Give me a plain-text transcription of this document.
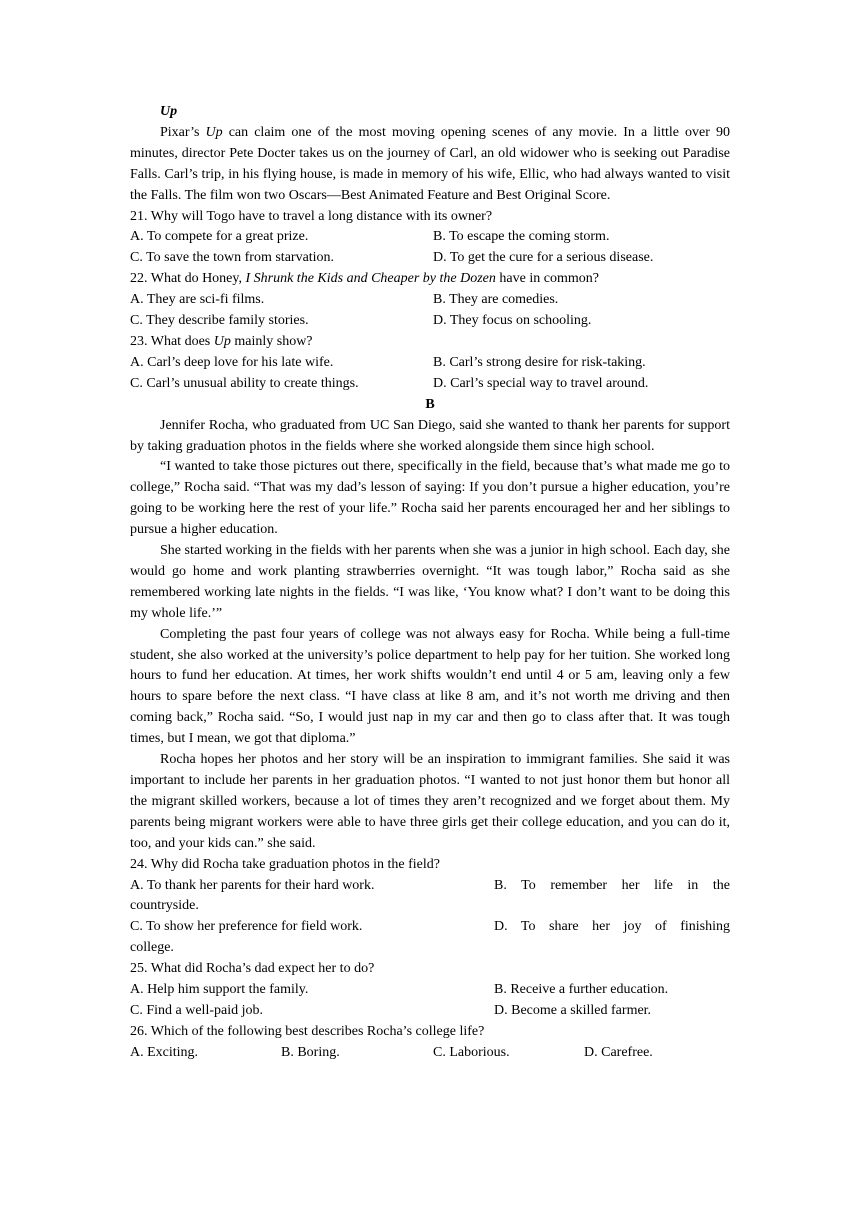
Up

Pixar’s Up can claim one of the most moving opening scenes of any movie. In a little over 90 minutes, director Pete Docter takes us on the journey of Carl, an old widower who is seeking out Paradise Falls. Carl’s trip, in his flying house, is made in memory of his wife, Ellic, who had always wanted to visit the Falls. The film won two Oscars—Best Animated Feature and Best Original Score.

21. Why will Togo have to travel a long distance with its owner?
A. To compete for a great prize.	B. To escape the coming storm.
C. To save the town from starvation.	D. To get the cure for a serious disease.
22. What do Honey, I Shrunk the Kids and Cheaper by the Dozen have in common?
A. They are sci-fi films.	B. They are comedies.
C. They describe family stories.	D. They focus on schooling.
23. What does Up mainly show?
A. Carl’s deep love for his late wife.	B. Carl’s strong desire for risk-taking.
C. Carl’s unusual ability to create things.	D. Carl’s special way to travel around.
B

Jennifer Rocha, who graduated from UC San Diego, said she wanted to thank her parents for support by taking graduation photos in the fields where she worked alongside them since high school.

“I wanted to take those pictures out there, specifically in the field, because that’s what made me go to college,” Rocha said. “That was my dad’s lesson of saying: If you don’t pursue a higher education, you’re going to be working here the rest of your life.” Rocha said her parents encouraged her and her siblings to pursue a higher education.

She started working in the fields with her parents when she was a junior in high school. Each day, she would go home and work planting strawberries overnight. “It was tough labor,” Rocha said as she remembered working late nights in the fields. “I was like, ‘You know what? I don’t want to be doing this my whole life.’”

Completing the past four years of college was not always easy for Rocha. While being a full-time student, she also worked at the university’s police department to help pay for her tuition. She worked long hours to fund her education. At times, her work shifts wouldn’t end until 4 or 5 am, leaving only a few hours to spare before the next class. “I have class at like 8 am, and it’s not worth me driving and then coming back,” Rocha said. “So, I would just nap in my car and then go to class after that. It was tough times, but I mean, we got that diploma.”

Rocha hopes her photos and her story will be an inspiration to immigrant families. She said it was important to include her parents in her graduation photos. “I wanted to not just honor them but honor all the migrant skilled workers, because a lot of times they aren’t recognized and we forget about them. My parents being migrant workers were able to have three girls get their college education, and you can do it, too, and your kids can.” she said.

24. Why did Rocha take graduation photos in the field?
A. To thank her parents for their hard work.	B. To remember her life in the
countryside.
C. To show her preference for field work.	D. To share her joy of finishing
college.
25. What did Rocha’s dad expect her to do?
A. Help him support the family.	B. Receive a further education.
C. Find a well-paid job.	D. Become a skilled farmer.
26. Which of the following best describes Rocha’s college life?
A. Exciting.	B. Boring.	C. Laborious.	D. Carefree.
